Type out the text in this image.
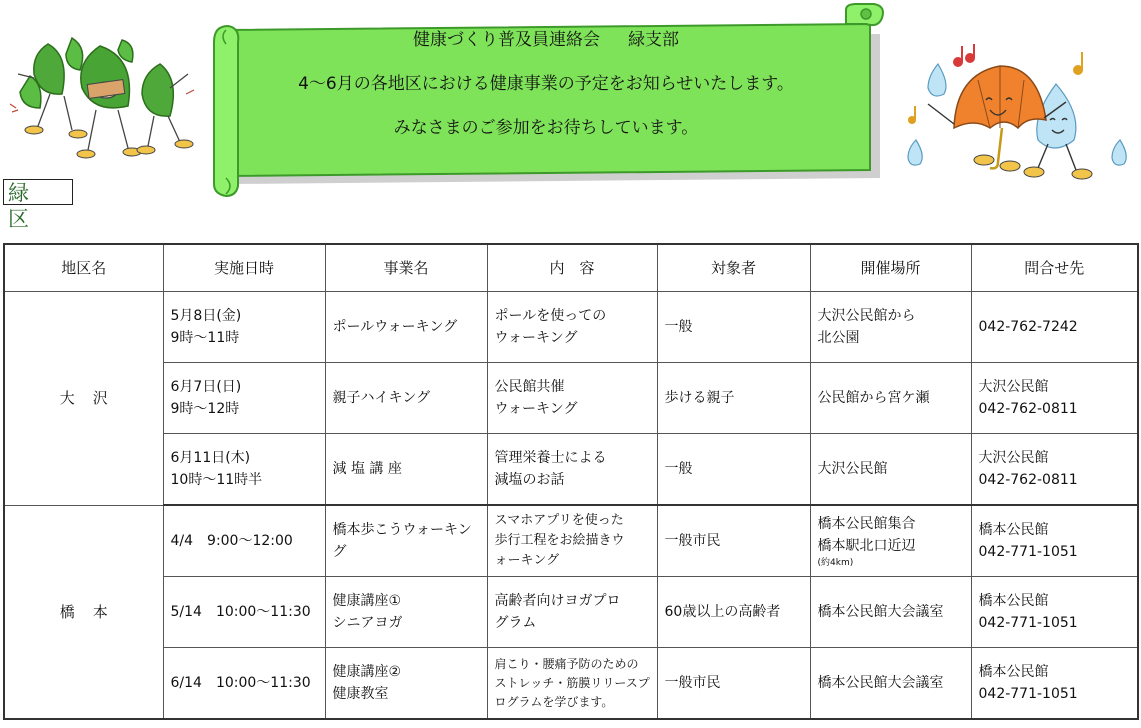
健康づくり普及員連絡会 緑支部
4～6月の各地区における健康事業の予定をお知らせいたします。
みなさまのご参加をお待ちしています。
緑区
地区名	実施日時	事業名	内　容	対象者	開催場所	問合せ先
大沢	5月8日(金)
9時～11時	ポールウォーキング	ポールを使っての
ウォーキング	一般	大沢公民館から
北公園	042-762-7242

	6月7日(日)
9時～12時	親子ハイキング	公民館共催
ウォーキング	歩ける親子	公民館から宮ケ瀬	大沢公民館
042-762-0811

	6月11日(木)
10時～11時半	減 塩 講 座	管理栄養士による
減塩のお話	一般	大沢公民館	大沢公民館
042-762-0811

橋本	4/4　9:00～12:00	橋本歩こうウォーキン
グ	スマホアプリを使った
歩行工程をお絵描きウ
ォーキング	一般市民	橋本公民館集合
橋本駅北口近辺
(約4km)	橋本公民館
042-771-1051

	5/14　10:00～11:30	健康講座①
シニアヨガ	高齢者向けヨガプロ
グラム	60歳以上の高齢者	橋本公民館大会議室	橋本公民館
042-771-1051

	6/14　10:00～11:30	健康講座②
健康教室	肩こり・腰痛予防のための
ストレッチ・筋膜リリースプ
ログラムを学びます。	一般市民	橋本公民館大会議室	橋本公民館
042-771-1051
